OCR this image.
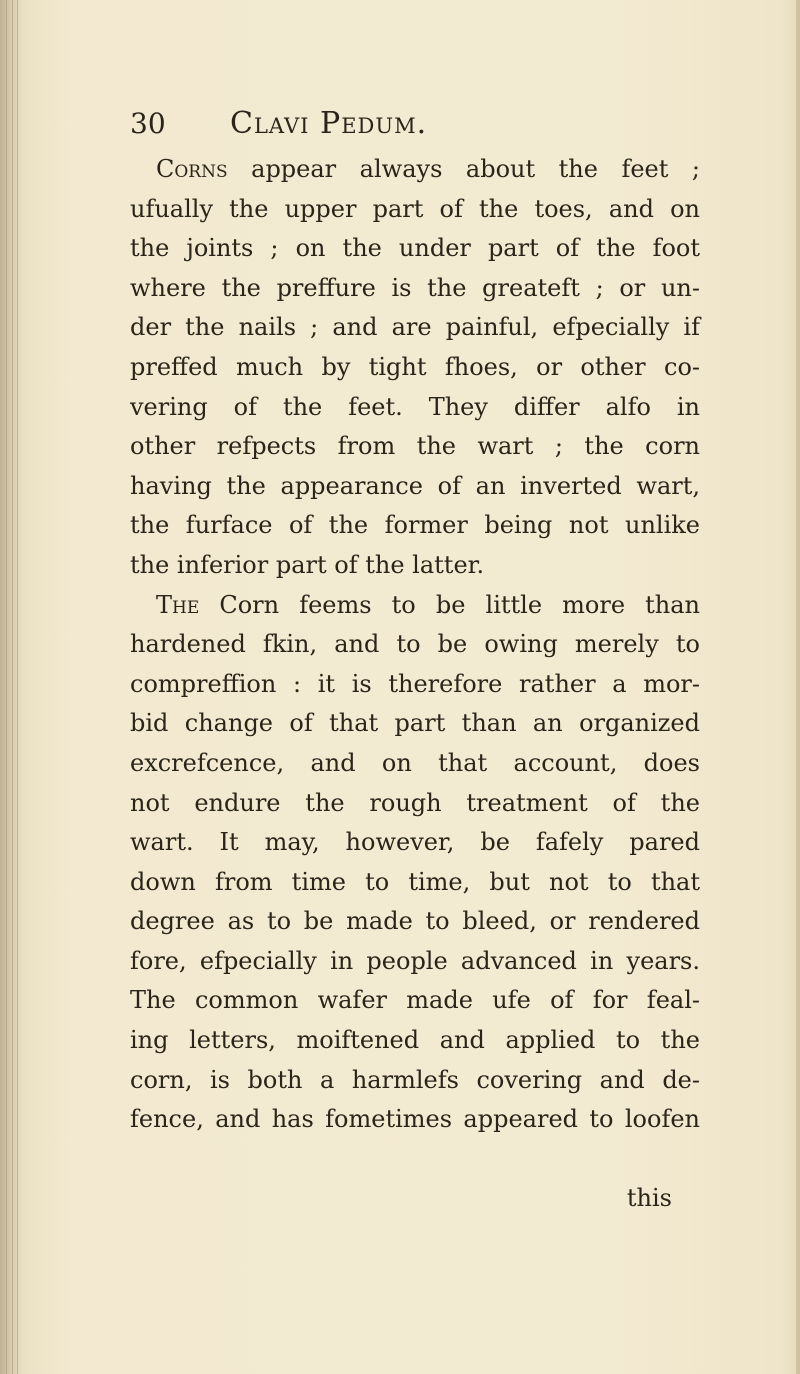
30 Clavi Pedum.
Corns appear always about the feet ;
ufually the upper part of the toes, and on
the joints ; on the under part of the foot
where the preffure is the greateft ; or un-
der the nails ; and are painful, efpecially if
preffed much by tight fhoes, or other co-
vering of the feet. They differ alfo in
other refpects from the wart ; the corn
having the appearance of an inverted wart,
the furface of the former being not unlike
the inferior part of the latter.
The Corn feems to be little more than
hardened fkin, and to be owing merely to
compreffion : it is therefore rather a mor-
bid change of that part than an organized
excrefcence, and on that account, does
not endure the rough treatment of the
wart. It may, however, be fafely pared
down from time to time, but not to that
degree as to be made to bleed, or rendered
fore, efpecially in people advanced in years.
The common wafer made ufe of for feal-
ing letters, moiftened and applied to the
corn, is both a harmlefs covering and de-
fence, and has fometimes appeared to loofen
this
